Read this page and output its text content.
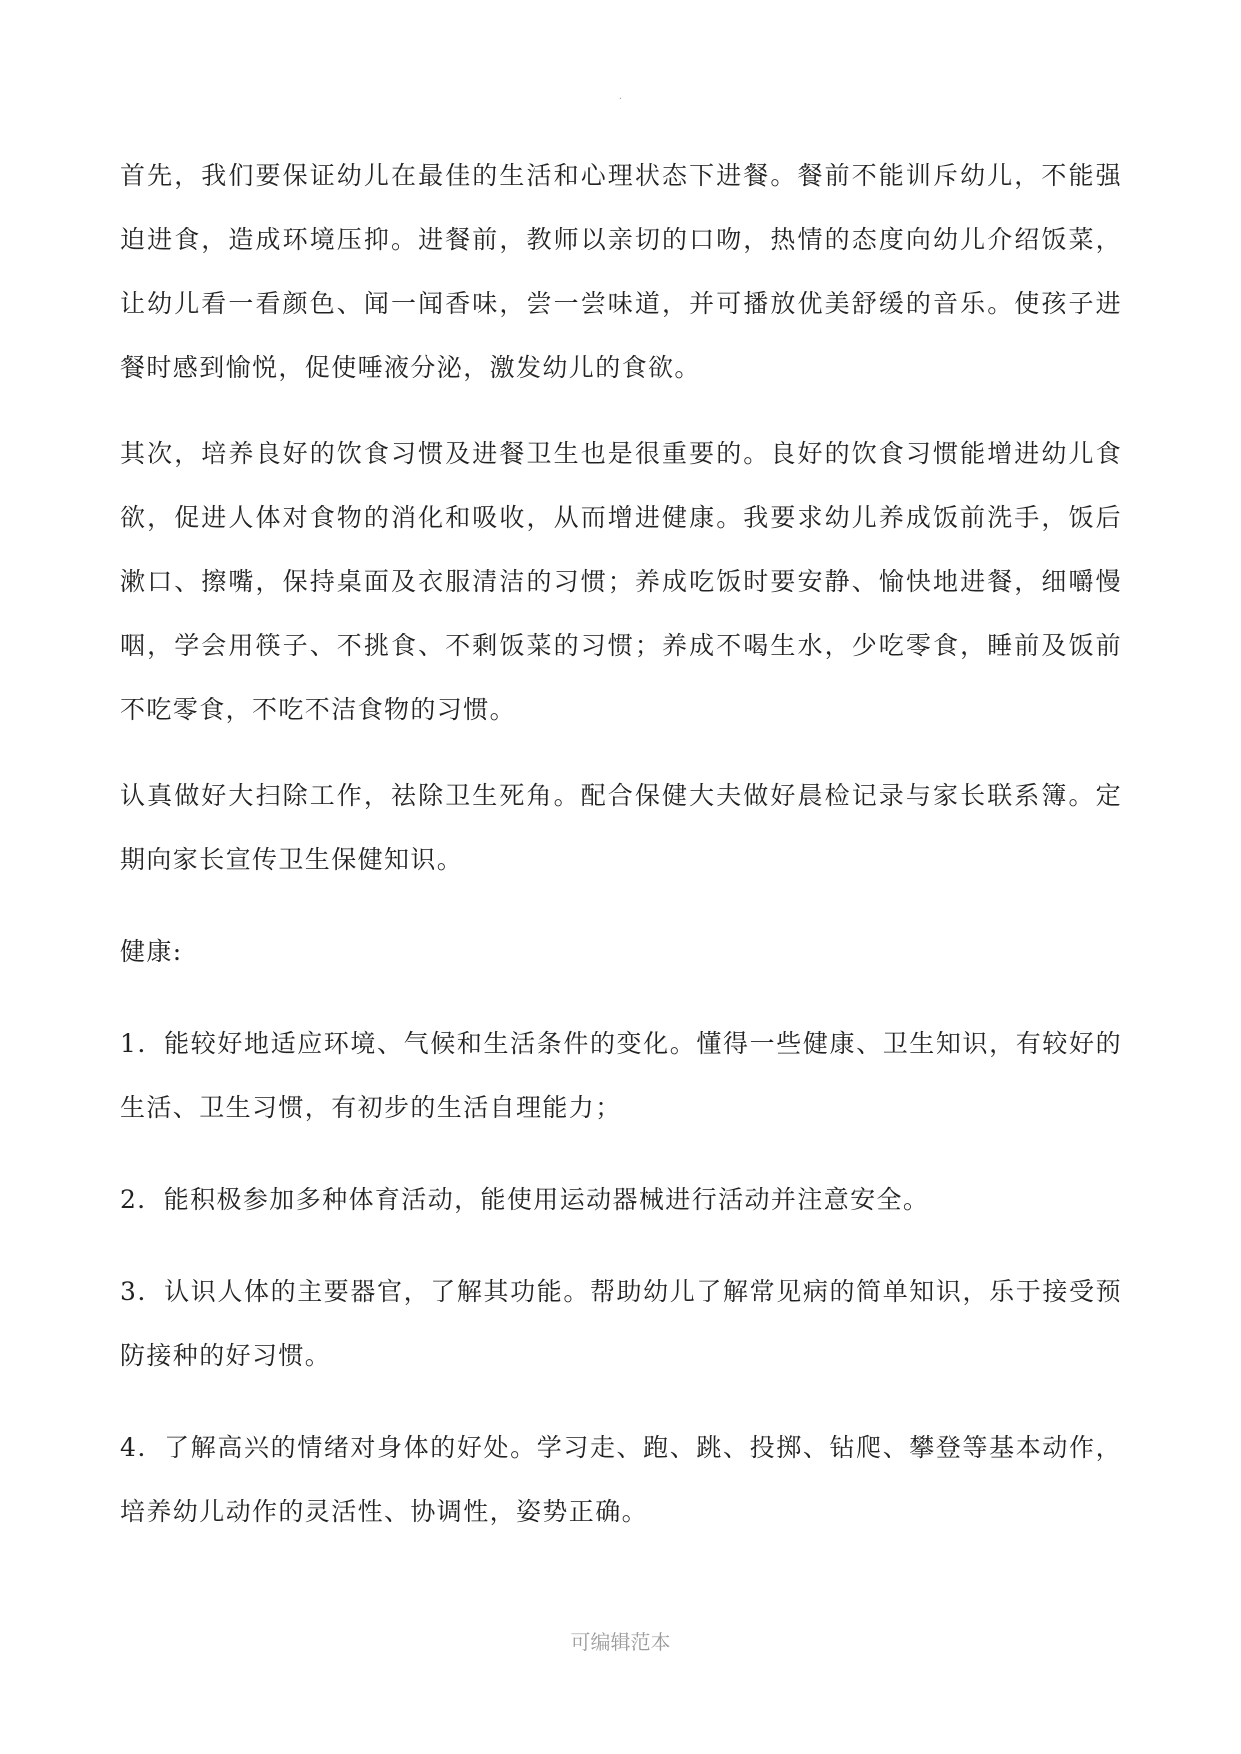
.

首先，我们要保证幼儿在最佳的生活和心理状态下进餐。餐前不能训斥幼儿，不能强迫进食，造成环境压抑。进餐前，教师以亲切的口吻，热情的态度向幼儿介绍饭菜，让幼儿看一看颜色、闻一闻香味，尝一尝味道，并可播放优美舒缓的音乐。使孩子进餐时感到愉悦，促使唾液分泌，激发幼儿的食欲。

其次，培养良好的饮食习惯及进餐卫生也是很重要的。良好的饮食习惯能增进幼儿食欲，促进人体对食物的消化和吸收，从而增进健康。我要求幼儿养成饭前洗手，饭后漱口、擦嘴，保持桌面及衣服清洁的习惯；养成吃饭时要安静、愉快地进餐，细嚼慢咽，学会用筷子、不挑食、不剩饭菜的习惯；养成不喝生水，少吃零食，睡前及饭前不吃零食，不吃不洁食物的习惯。

认真做好大扫除工作，祛除卫生死角。配合保健大夫做好晨检记录与家长联系簿。定期向家长宣传卫生保健知识。

健康:

1．能较好地适应环境、气候和生活条件的变化。懂得一些健康、卫生知识，有较好的生活、卫生习惯，有初步的生活自理能力；

2．能积极参加多种体育活动，能使用运动器械进行活动并注意安全。

3．认识人体的主要器官，了解其功能。帮助幼儿了解常见病的简单知识，乐于接受预防接种的好习惯。

4．了解高兴的情绪对身体的好处。学习走、跑、跳、投掷、钻爬、攀登等基本动作，培养幼儿动作的灵活性、协调性，姿势正确。

可编辑范本
